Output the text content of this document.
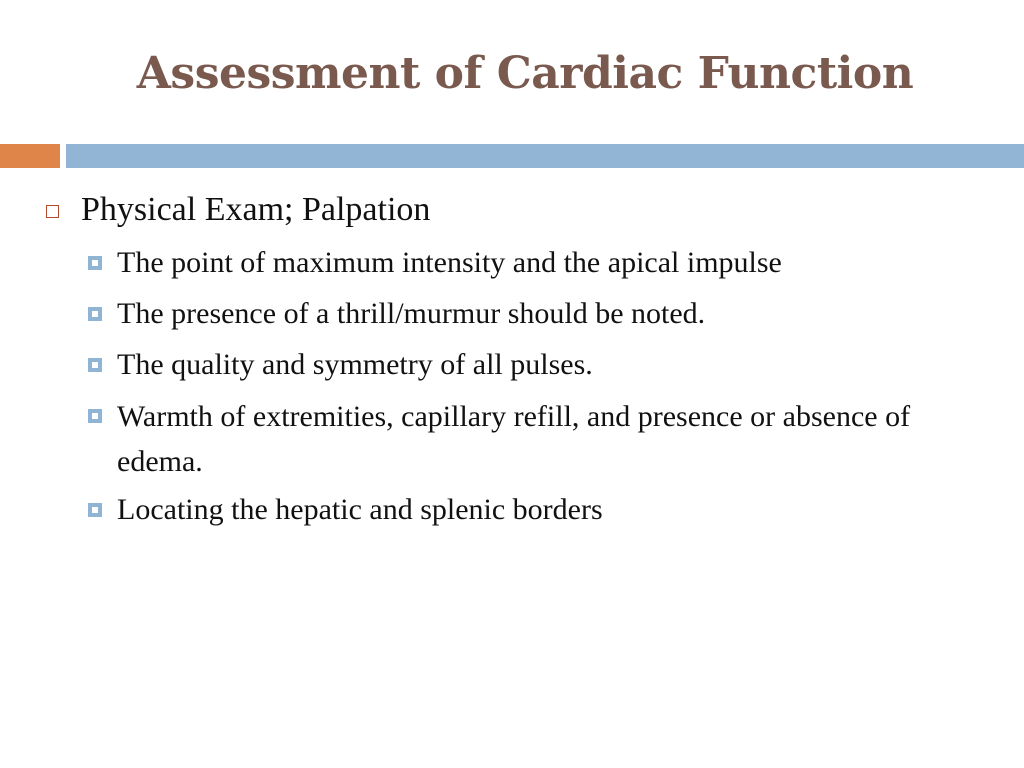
Assessment of Cardiac Function
Physical Exam; Palpation
The point of maximum intensity and the apical impulse
The presence of a thrill/murmur should be noted.
The quality and symmetry of all pulses.
Warmth of extremities, capillary refill, and presence or absence of edema.
Locating the hepatic and splenic borders
